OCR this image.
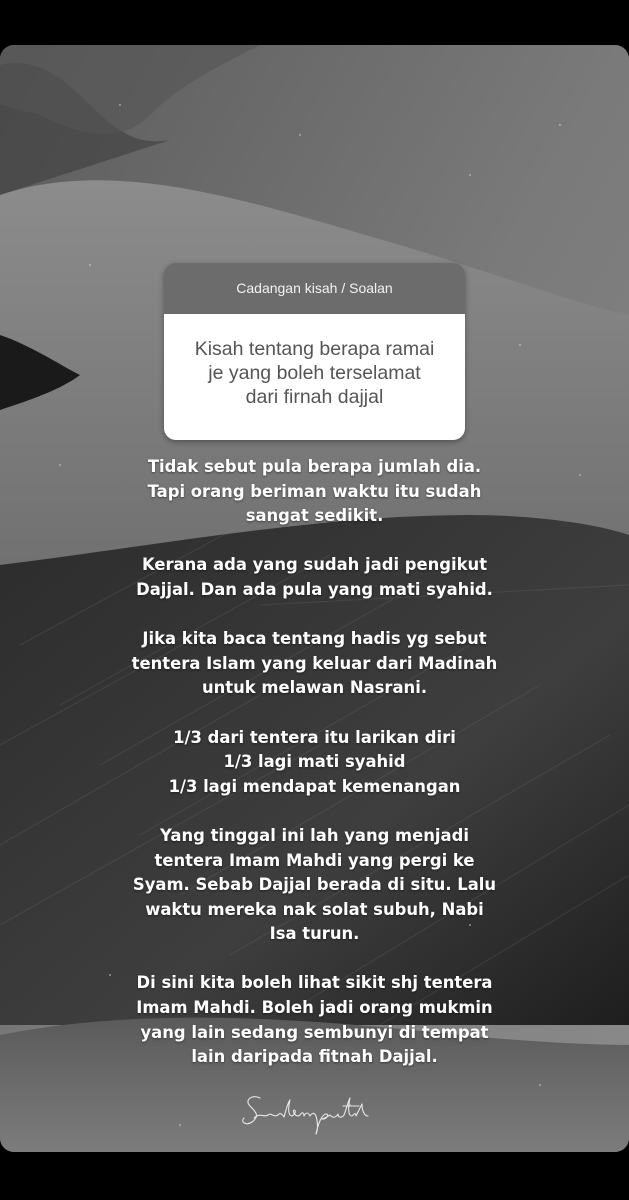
Cadangan kisah / Soalan
Kisah tentang berapa ramai
je yang boleh terselamat
dari firnah dajjal
Tidak sebut pula berapa jumlah dia.
Tapi orang beriman waktu itu sudah
sangat sedikit.
Kerana ada yang sudah jadi pengikut
Dajjal. Dan ada pula yang mati syahid.
Jika kita baca tentang hadis yg sebut
tentera Islam yang keluar dari Madinah
untuk melawan Nasrani.
1/3 dari tentera itu larikan diri
1/3 lagi mati syahid
1/3 lagi mendapat kemenangan
Yang tinggal ini lah yang menjadi
tentera Imam Mahdi yang pergi ke
Syam. Sebab Dajjal berada di situ. Lalu
waktu mereka nak solat subuh, Nabi
Isa turun.
Di sini kita boleh lihat sikit shj tentera
Imam Mahdi. Boleh jadi orang mukmin
yang lain sedang sembunyi di tempat
lain daripada fitnah Dajjal.
